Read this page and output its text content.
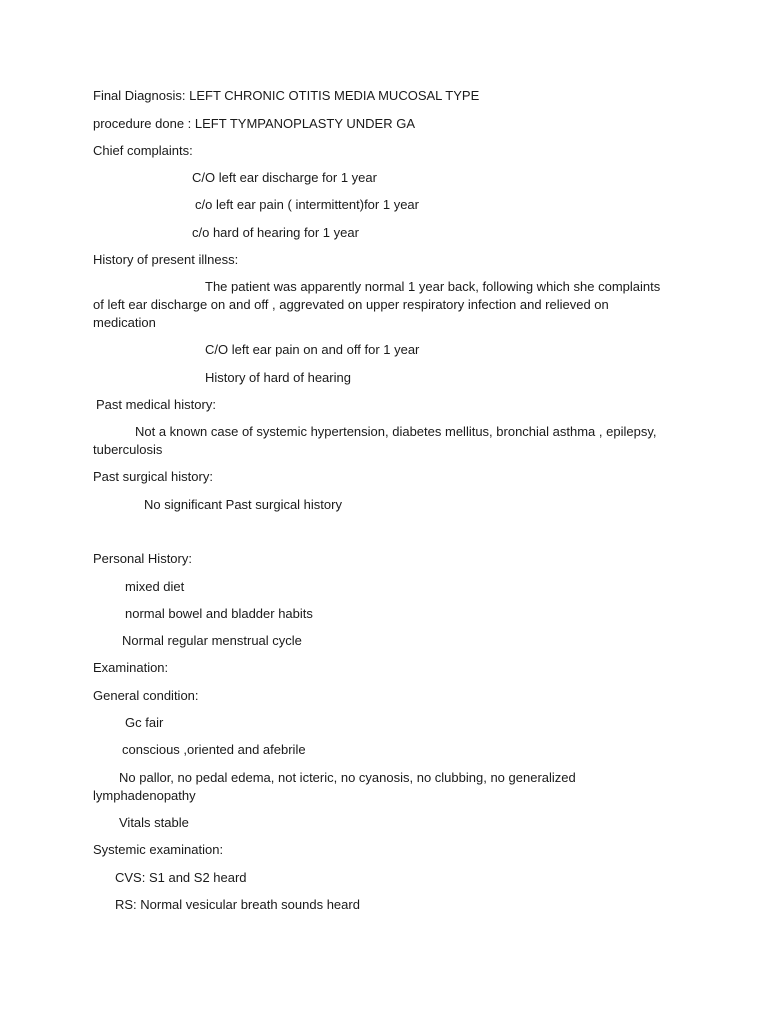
Final Diagnosis: LEFT CHRONIC OTITIS MEDIA MUCOSAL TYPE
procedure done : LEFT TYMPANOPLASTY UNDER GA
Chief complaints:
C/O left ear discharge for 1 year
c/o left ear pain ( intermittent)for 1 year
c/o hard of hearing for 1 year
History of present illness:
The patient was apparently normal 1 year back, following which she complaints
of left ear discharge on and off , aggrevated on upper respiratory infection and relieved on medication
C/O left ear pain on and off for 1 year
History of hard of hearing
Past medical history:
Not a known case of systemic hypertension, diabetes mellitus, bronchial asthma , epilepsy,
tuberculosis
Past surgical history:
No significant Past surgical history
Personal History:
mixed diet
normal bowel and bladder habits
Normal regular menstrual cycle
Examination:
General condition:
Gc fair
conscious ,oriented and afebrile
No pallor, no pedal edema, not icteric, no cyanosis, no clubbing, no generalized
lymphadenopathy
Vitals stable
Systemic examination:
CVS: S1 and S2 heard
RS: Normal vesicular breath sounds heard
